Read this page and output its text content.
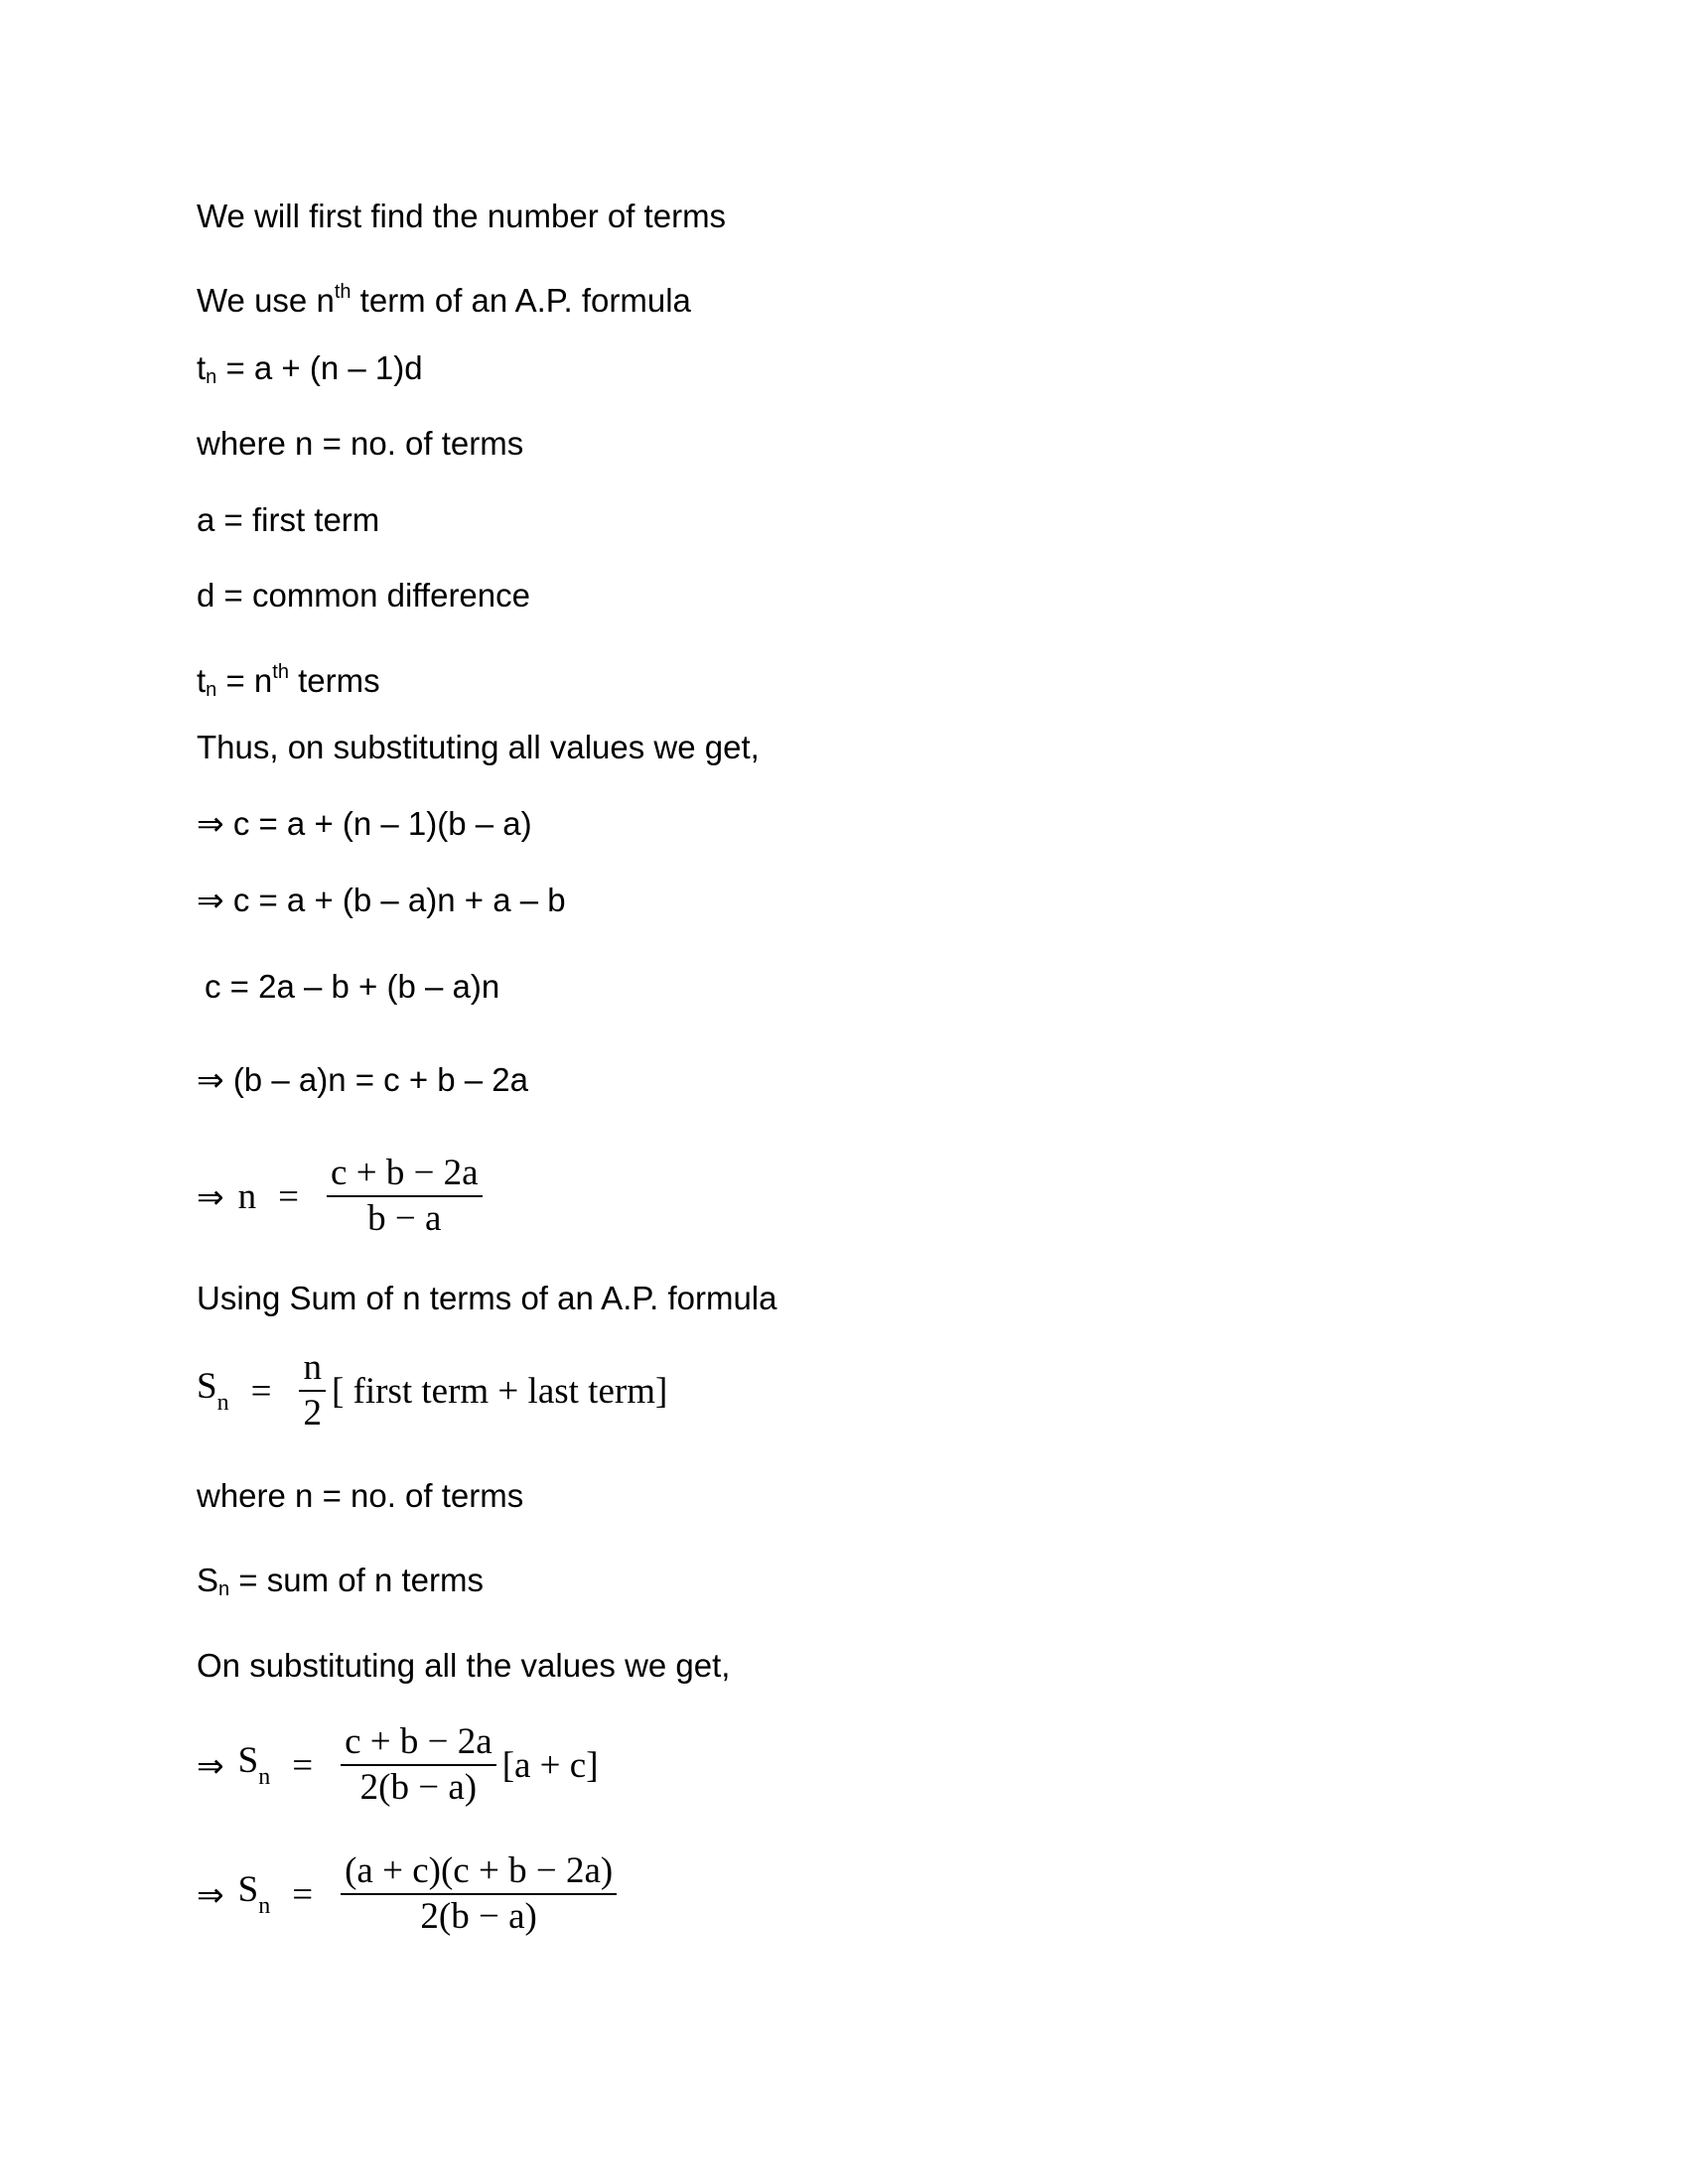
We will first find the number of terms
We use $n^{th}$ term of an A.P. formula
$t_n = a + (n - 1)d$
where n = no. of terms
a = first term
d = common difference
$t_n = n^{th}$ terms
Thus, on substituting all values we get,
⇒ c = a + (n – 1)(b – a)
⇒ c = a + (b – a)n + a – b
c = 2a – b + (b – a)n
⇒ (b – a)n = c + b – 2a
⇒ $n = \frac{c + b - 2a}{b - a}$
Using Sum of n terms of an A.P. formula
$S_n = \frac{n}{2}$ [ first term + last term]
where n = no. of terms
$S_n$ = sum of n terms
On substituting all the values we get,
⇒ $S_n = \frac{c + b - 2a}{2(b - a)} [a + c]$
⇒ $S_n = \frac{(a + c)(c + b - 2a)}{2(b - a)}$
